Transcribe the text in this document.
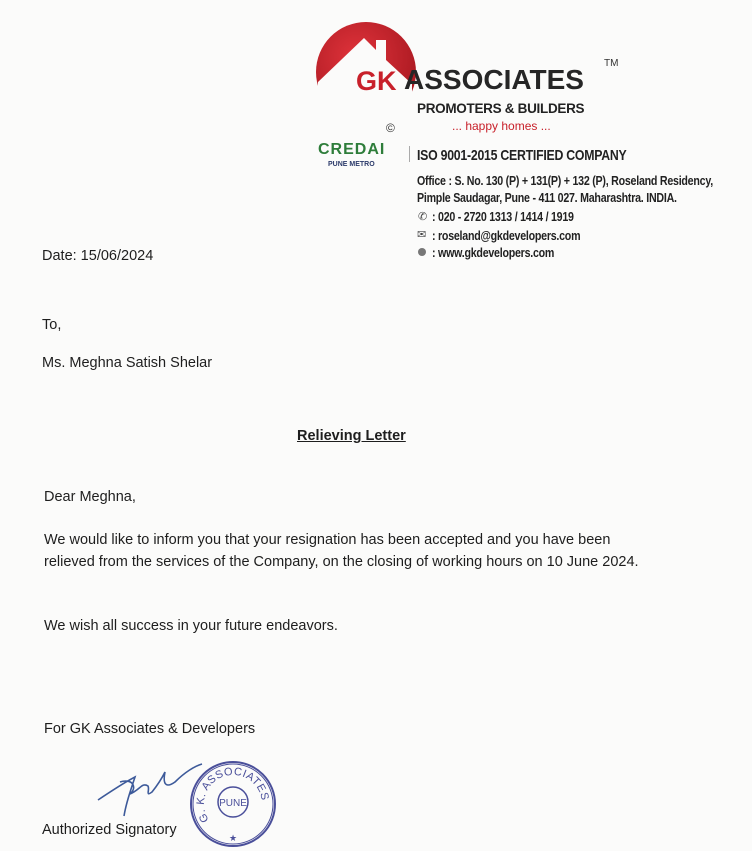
GK ASSOCIATES
TM
PROMOTERS & BUILDERS
... happy homes ...
©
CREDAI
PUNE METRO
ISO 9001-2015 CERTIFIED COMPANY
Office : S. No. 130 (P) + 131(P) + 132 (P), Roseland Residency,
Pimple Saudagar, Pune - 411 027. Maharashtra. INDIA.
✆ : 020 - 2720 1313 / 1414 / 1919
✉ : roseland@gkdevelopers.com
: www.gkdevelopers.com
Date: 15/06/2024
To,
Ms. Meghna Satish Shelar
Relieving Letter
Dear Meghna,
We would like to inform you that your resignation has been accepted and you have been
relieved from the services of the Company, on the closing of working hours on 10 June 2024.
We wish all success in your future endeavors.
For GK Associates & Developers
Authorized Signatory
G. K. ASSOCIATES
PUNE
★
